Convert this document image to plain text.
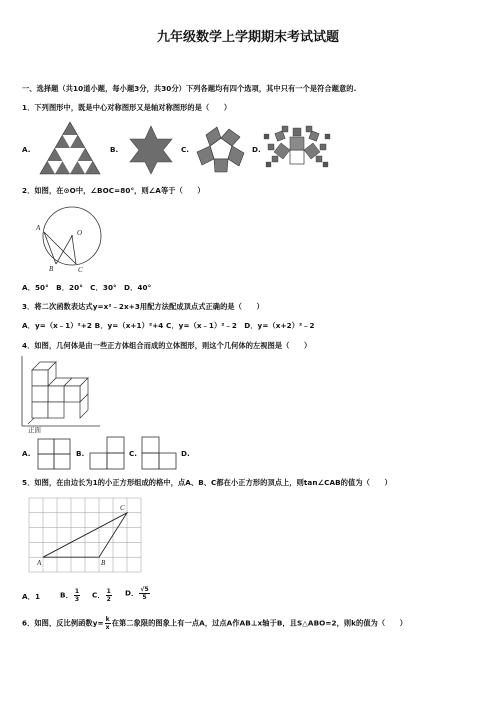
九年级数学上学期期末考试试题
一、选择题（共10道小题，每小题3分，共30分）下列各题均有四个选项，其中只有一个是符合题意的.
1．下列图形中，既是中心对称图形又是轴对称图形的是（　　）
A.	B.	C.	D.
2．如图，在⊙O中，∠BOC=80°，则∠A等于（　　）
A
O
B	C
A．50°　B．20°　C．30°　D．40°
3．将二次函数表达式y=x²﹣2x+3用配方法配成顶点式正确的是（　　）
A．y=（x﹣1）²+2 B．y=（x+1）²+4 C．y=（x﹣1）²﹣2　D．y=（x+2）²﹣2
4．如图，几何体是由一些正方体组合而成的立体图形，则这个几何体的左视图是（　　）
正面
A.	B.	C.	D.
5．如图，在由边长为1的小正方形组成的格中，点A、B、C都在小正方形的顶点上，则tan∠CAB的值为（　　）
A	B
C
A．1	B． $\frac{1}{3}$ C． $\frac{1}{2}$ D． $\frac{√5}{5}$
6．如图，反比例函数$y= \frac{k}{x}$ 在第二象限的图象上有一点A，过点A作AB⊥x轴于B，且S△ABO=2，则k的值为（　　）
